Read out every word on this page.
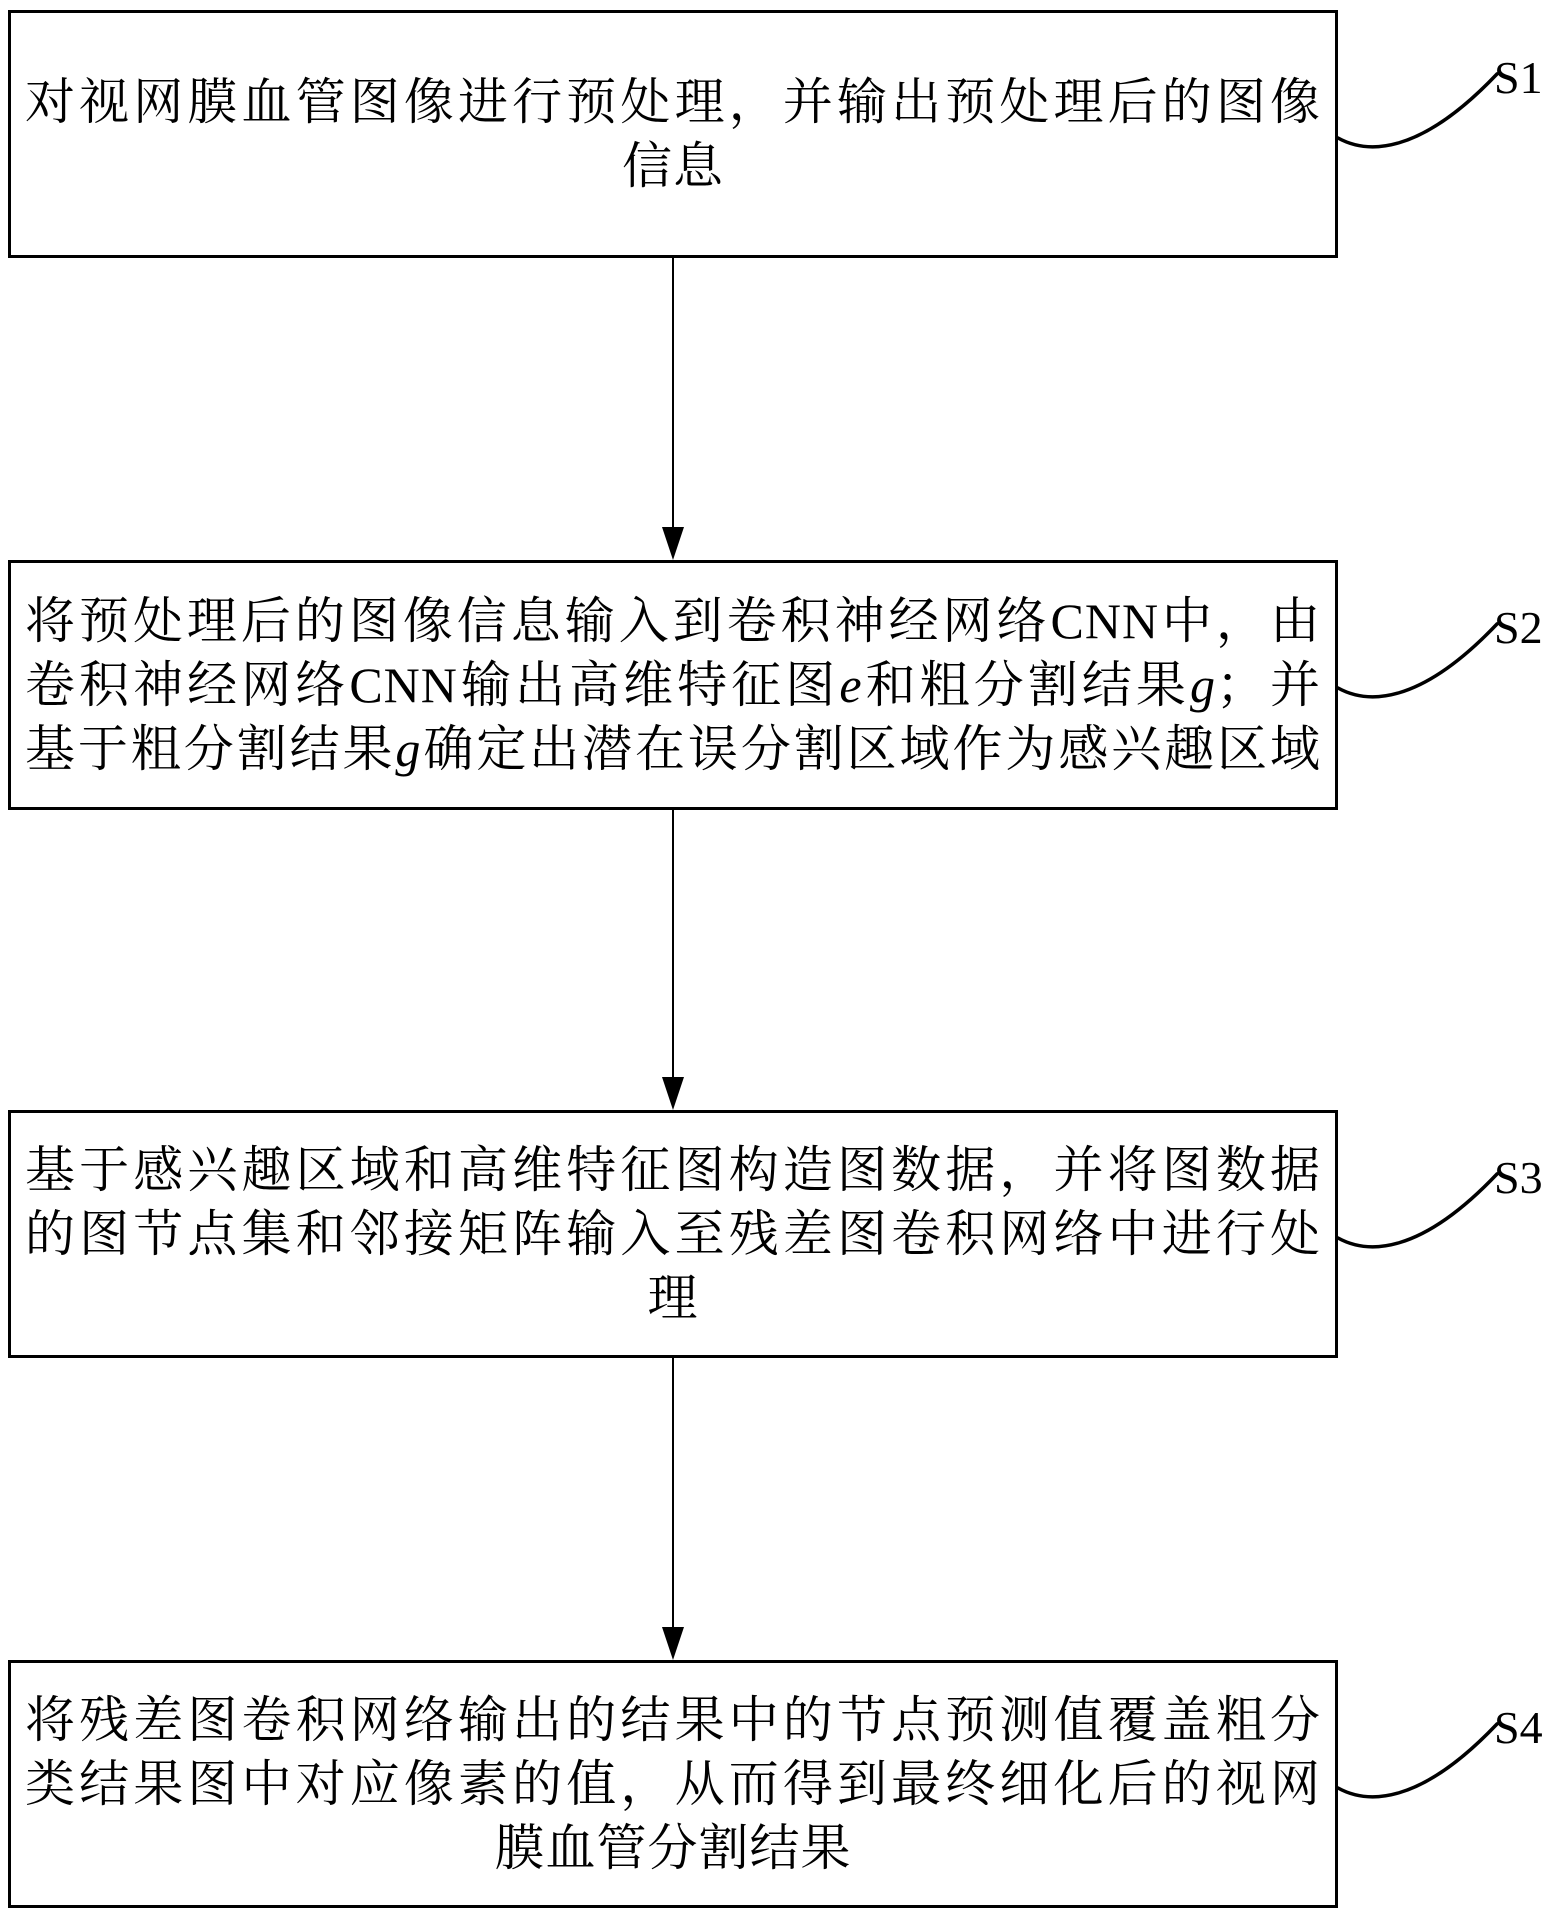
对视网膜血管图像进行预处理，并输出预处理后的图像
信息
S1
将预处理后的图像信息输入到卷积神经网络CNN中，由
卷积神经网络CNN输出高维特征图e和粗分割结果g；并
基于粗分割结果g确定出潜在误分割区域作为感兴趣区域
S2
基于感兴趣区域和高维特征图构造图数据，并将图数据
的图节点集和邻接矩阵输入至残差图卷积网络中进行处
理
S3
将残差图卷积网络输出的结果中的节点预测值覆盖粗分
类结果图中对应像素的值，从而得到最终细化后的视网
膜血管分割结果
S4
